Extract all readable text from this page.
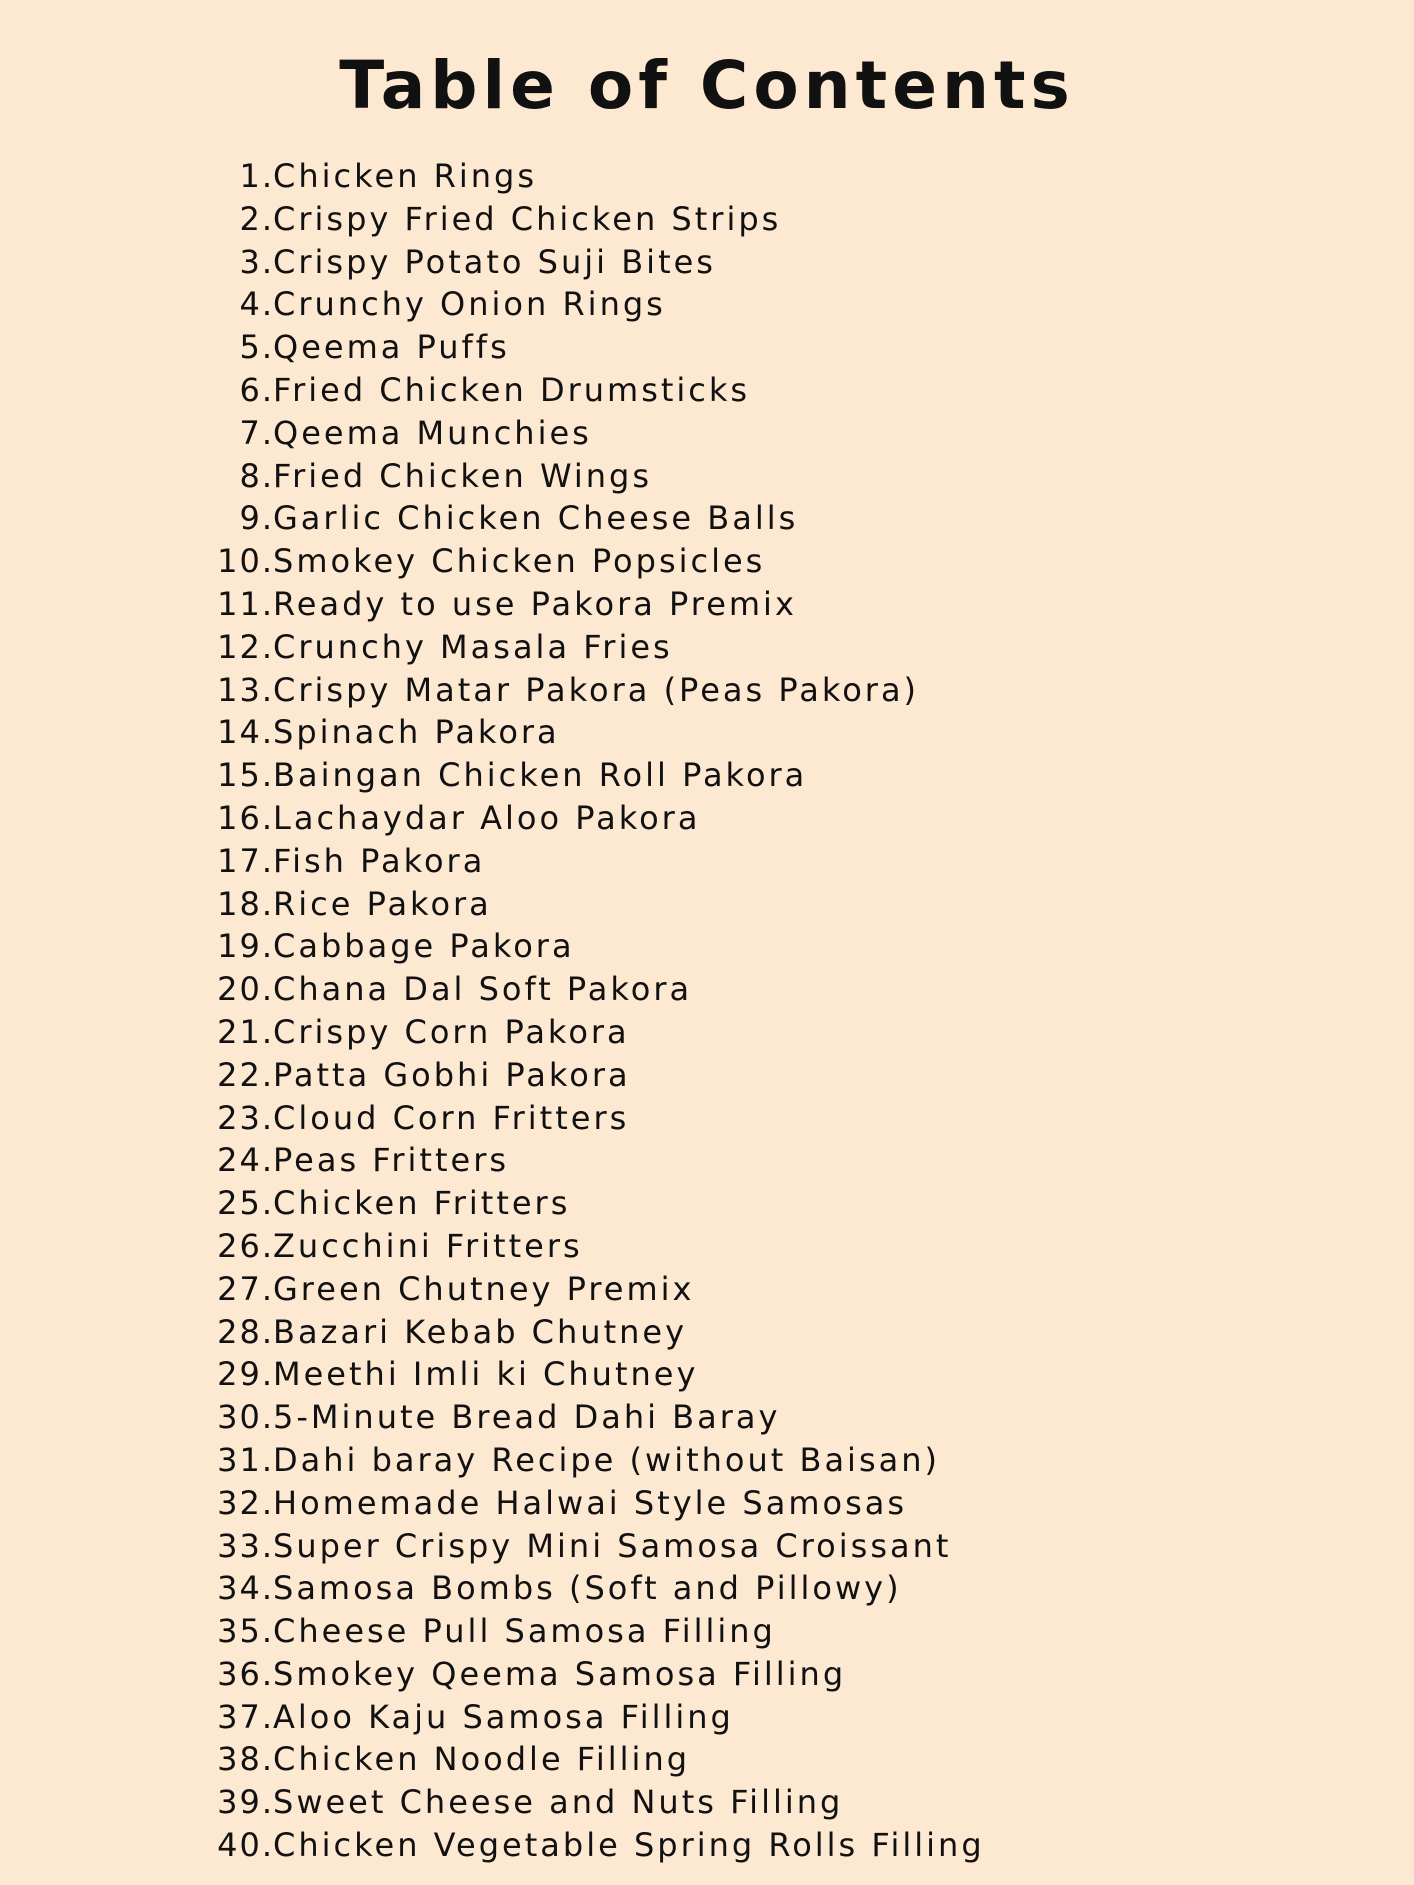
Table of Contents
1. Chicken Rings
2. Crispy Fried Chicken Strips
3. Crispy Potato Suji Bites
4. Crunchy Onion Rings
5. Qeema Puffs
6. Fried Chicken Drumsticks
7. Qeema Munchies
8. Fried Chicken Wings
9. Garlic Chicken Cheese Balls
10. Smokey Chicken Popsicles
11. Ready to use Pakora Premix
12. Crunchy Masala Fries
13. Crispy Matar Pakora (Peas Pakora)
14. Spinach Pakora
15. Baingan Chicken Roll Pakora
16. Lachaydar Aloo Pakora
17. Fish Pakora
18. Rice Pakora
19. Cabbage Pakora
20. Chana Dal Soft Pakora
21. Crispy Corn Pakora
22. Patta Gobhi Pakora
23. Cloud Corn Fritters
24. Peas Fritters
25. Chicken Fritters
26. Zucchini Fritters
27. Green Chutney Premix
28. Bazari Kebab Chutney
29. Meethi Imli ki Chutney
30. 5-Minute Bread Dahi Baray
31. Dahi baray Recipe (without Baisan)
32. Homemade Halwai Style Samosas
33. Super Crispy Mini Samosa Croissant
34. Samosa Bombs (Soft and Pillowy)
35. Cheese Pull Samosa Filling
36. Smokey Qeema Samosa Filling
37. Aloo Kaju Samosa Filling
38. Chicken Noodle Filling
39. Sweet Cheese and Nuts Filling
40. Chicken Vegetable Spring Rolls Filling
